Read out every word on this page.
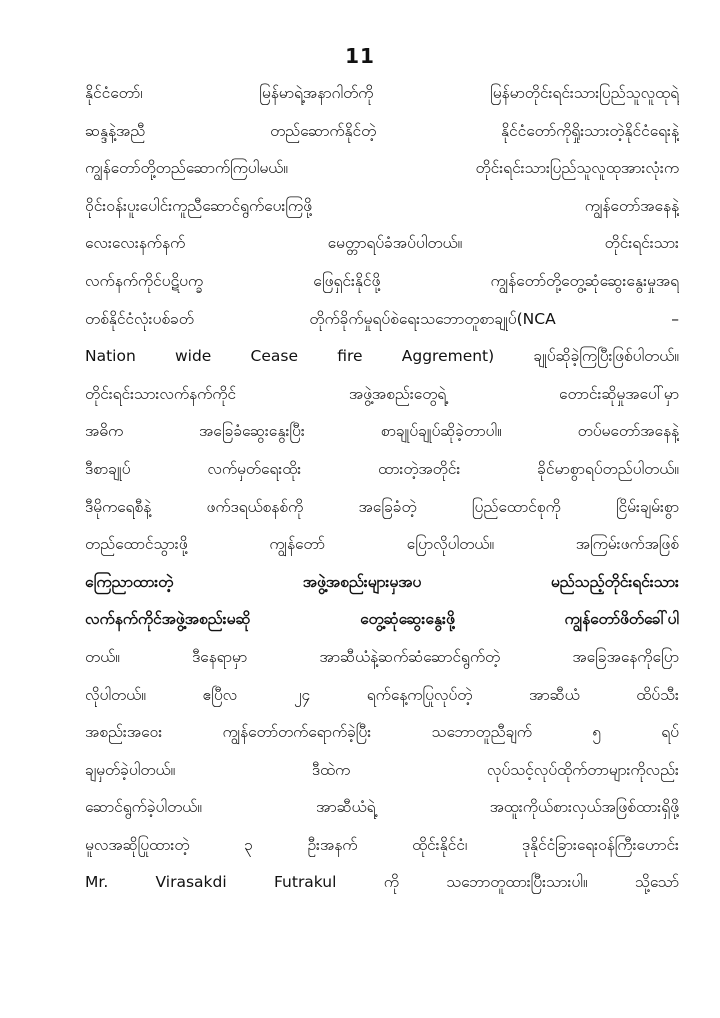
11
နိုင်ငံတော်၊ မြန်မာရဲ့အနာဂါတ်ကို မြန်မာတိုင်းရင်းသားပြည်သူလူထုရဲ့
ဆန္ဒနဲ့အညီ တည်ဆောက်နိုင်တဲ့ နိုင်ငံတော်ကိုရှိုးသားတဲ့နိုင်ငံရေးနဲ့
ကျွန်တော်တို့တည်ဆောက်ကြပါမယ်။ တိုင်းရင်းသားပြည်သူလူထုအားလုံးက
ဝိုင်းဝန်းပူးပေါင်းကူညီဆောင်ရွက်ပေးကြဖို့ ကျွန်တော်အနေနဲ့
လေးလေးနက်နက် မေတ္တာရပ်ခံအပ်ပါတယ်။ တိုင်းရင်းသား
လက်နက်ကိုင်ပဋိပက္ခ ဖြေရှင်းနိုင်ဖို့ ကျွန်တော်တို့တွေ့ဆုံဆွေးနွေးမှုအရ
တစ်နိုင်ငံလုံးပစ်ခတ် တိုက်ခိုက်မှုရပ်စဲရေးသဘောတူစာချုပ်(NCA –
Nation wide Cease fire Aggrement) ချုပ်ဆိုခဲ့ကြပြီးဖြစ်ပါတယ်။
တိုင်းရင်းသားလက်နက်ကိုင် အဖွဲ့အစည်းတွေရဲ့ တောင်းဆိုမှုအပေါ်မှာ
အဓိက အခြေခံဆွေးနွေးပြီး စာချုပ်ချုပ်ဆိုခဲ့တာပါ။ တပ်မတော်အနေနဲ့
ဒီစာချုပ် လက်မှတ်ရေးထိုး ထားတဲ့အတိုင်း ခိုင်မာစွာရပ်တည်ပါတယ်။
ဒီမိုကရေစီနဲ့ ဖက်ဒရယ်စနစ်ကို အခြေခံတဲ့ ပြည်ထောင်စုကို ငြိမ်းချမ်းစွာ
တည်ထောင်သွားဖို့ ကျွန်တော် ပြောလိုပါတယ်။ အကြမ်းဖက်အဖြစ်
ကြေညာထားတဲ့ အဖွဲ့အစည်းများမှအပ မည်သည့်တိုင်းရင်းသား
လက်နက်ကိုင်အဖွဲ့အစည်းမဆို တွေ့ဆုံဆွေးနွေးဖို့ ကျွန်တော်ဖိတ်ခေါ်ပါ
တယ်။ ဒီနေရာမှာ အာဆီယံနဲ့ဆက်ဆံဆောင်ရွက်တဲ့ အခြေအနေကိုပြော
လိုပါတယ်။ ဧပြီလ ၂၄ ရက်နေ့ကပြုလုပ်တဲ့ အာဆီယံ ထိပ်သီး
အစည်းအဝေး ကျွန်တော်တက်ရောက်ခဲ့ပြီး သဘောတူညီချက် ၅ ရပ်
ချမှတ်ခဲ့ပါတယ်။ ဒီထဲက လုပ်သင့်လုပ်ထိုက်တာများကိုလည်း
ဆောင်ရွက်ခဲ့ပါတယ်။ အာဆီယံရဲ့ အထူးကိုယ်စားလှယ်အဖြစ်ထားရှိဖို့
မူလအဆိုပြုထားတဲ့ ၃ ဦးအနက် ထိုင်းနိုင်ငံ၊ ဒုနိုင်ငံခြားရေးဝန်ကြီးဟောင်း
Mr. Virasakdi Futrakul ကို သဘောတူထားပြီးသားပါ။ သို့သော်
